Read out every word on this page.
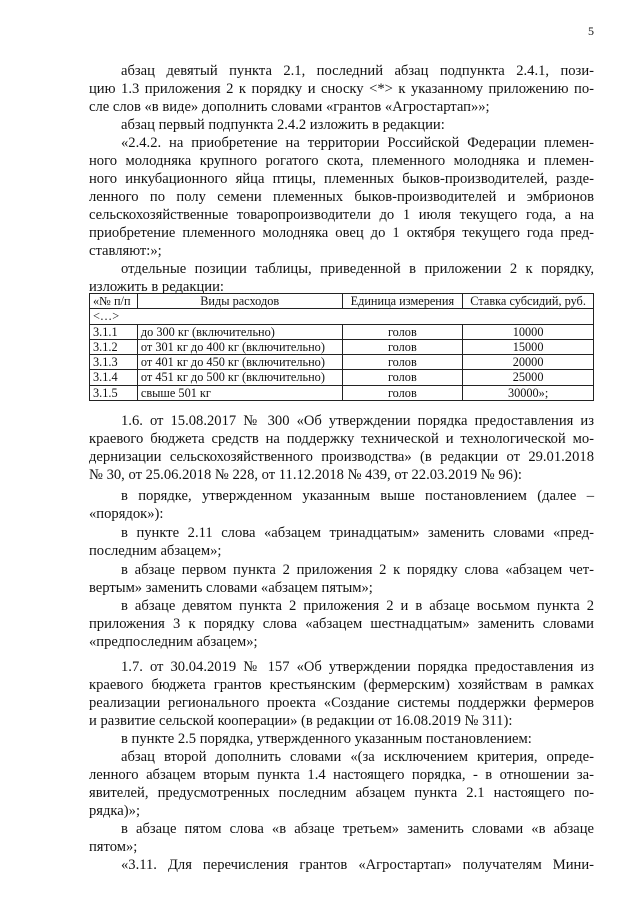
5
абзац девятый пункта 2.1, последний абзац подпункта 2.4.1, пози-
цию 1.3 приложения 2 к порядку и сноску <*> к указанному приложению по-
сле слов «в виде» дополнить словами «грантов «Агростартап»»;
абзац первый подпункта 2.4.2 изложить в редакции:
«2.4.2. на приобретение на территории Российской Федерации племен-
ного молодняка крупного рогатого скота, племенного молодняка и племен-
ного инкубационного яйца птицы, племенных быков-производителей, разде-
ленного по полу семени племенных быков-производителей и эмбрионов
сельскохозяйственные товаропроизводители до 1 июля текущего года, а на
приобретение племенного молодняка овец до 1 октября текущего года пред-
ставляют:»;
отдельные позиции таблицы, приведенной в приложении 2 к порядку,
изложить в редакции:
«№ п/п	Виды расходов	Единица измерения	Ставка субсидий, руб.
<…>			
3.1.1	до 300 кг (включительно)	голов	10000
3.1.2	от 301 кг до 400 кг (включительно)	голов	15000
3.1.3	от 401 кг до 450 кг (включительно)	голов	20000
3.1.4	от 451 кг до 500 кг (включительно)	голов	25000
3.1.5	свыше 501 кг	голов	30000»;
1.6. от 15.08.2017 № 300 «Об утверждении порядка предоставления из
краевого бюджета средств на поддержку технической и технологической мо-
дернизации сельскохозяйственного производства» (в редакции от 29.01.2018
№ 30, от 25.06.2018 № 228, от 11.12.2018 № 439, от 22.03.2019 № 96):
в порядке, утвержденном указанным выше постановлением (далее –
«порядок»):
в пункте 2.11 слова «абзацем тринадцатым» заменить словами «пред-
последним абзацем»;
в абзаце первом пункта 2 приложения 2 к порядку слова «абзацем чет-
вертым» заменить словами «абзацем пятым»;
в абзаце девятом пункта 2 приложения 2 и в абзаце восьмом пункта 2
приложения 3 к порядку слова «абзацем шестнадцатым» заменить словами
«предпоследним абзацем»;
1.7. от 30.04.2019 № 157 «Об утверждении порядка предоставления из
краевого бюджета грантов крестьянским (фермерским) хозяйствам в рамках
реализации регионального проекта «Создание системы поддержки фермеров
и развитие сельской кооперации» (в редакции от 16.08.2019 № 311):
в пункте 2.5 порядка, утвержденного указанным постановлением:
абзац второй дополнить словами «(за исключением критерия, опреде-
ленного абзацем вторым пункта 1.4 настоящего порядка, - в отношении за-
явителей, предусмотренных последним абзацем пункта 2.1 настоящего по-
рядка)»;
в абзаце пятом слова «в абзаце третьем» заменить словами «в абзаце
пятом»;
«3.11. Для перечисления грантов «Агростартап» получателям Мини-
